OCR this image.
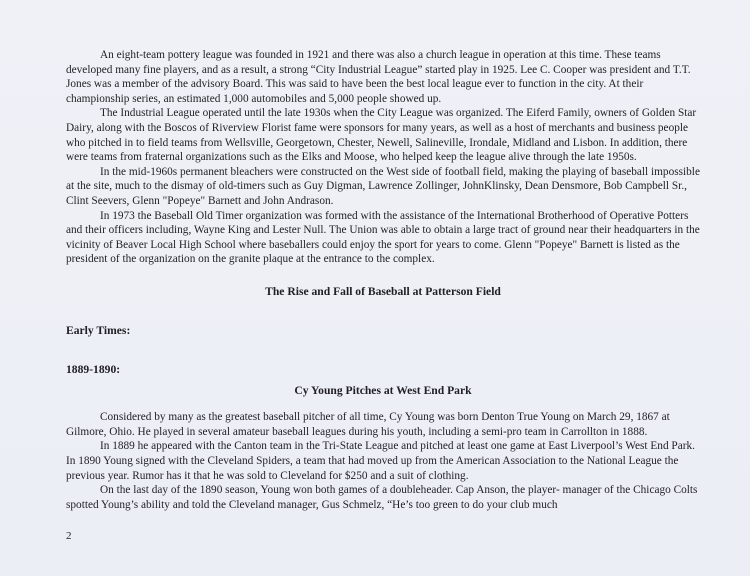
An eight-team pottery league was founded in 1921 and there was also a church league in operation at this time. These teams developed many fine players, and as a result, a strong “City Industrial League” started play in 1925. Lee C. Cooper was president and T.T. Jones was a member of the advisory Board. This was said to have been the best local league ever to function in the city. At their championship series, an estimated 1,000 automobiles and 5,000 people showed up.

The Industrial League operated until the late 1930s when the City League was organized. The Eiferd Family, owners of Golden Star Dairy, along with the Boscos of Riverview Florist fame were sponsors for many years, as well as a host of merchants and business people who pitched in to field teams from Wellsville, Georgetown, Chester, Newell, Salineville, Irondale, Midland and Lisbon. In addition, there were teams from fraternal organizations such as the Elks and Moose, who helped keep the league alive through the late 1950s.

In the mid-1960s permanent bleachers were constructed on the West side of football field, making the playing of baseball impossible at the site, much to the dismay of old-timers such as Guy Digman, Lawrence Zollinger, JohnKlinsky, Dean Densmore, Bob Campbell Sr., Clint Seevers, Glenn "Popeye" Barnett and John Andrason.

In 1973 the Baseball Old Timer organization was formed with the assistance of the International Brotherhood of Operative Potters and their officers including, Wayne King and Lester Null. The Union was able to obtain a large tract of ground near their headquarters in the vicinity of Beaver Local High School where baseballers could enjoy the sport for years to come. Glenn "Popeye" Barnett is listed as the president of the organization on the granite plaque at the entrance to the complex.

The Rise and Fall of Baseball at Patterson Field

Early Times:

1889-1890:

Cy Young Pitches at West End Park

Considered by many as the greatest baseball pitcher of all time, Cy Young was born Denton True Young on March 29, 1867 at Gilmore, Ohio. He played in several amateur baseball leagues during his youth, including a semi-pro team in Carrollton in 1888.

In 1889 he appeared with the Canton team in the Tri-State League and pitched at least one game at East Liverpool’s West End Park. In 1890 Young signed with the Cleveland Spiders, a team that had moved up from the American Association to the National League the previous year. Rumor has it that he was sold to Cleveland for $250 and a suit of clothing.

On the last day of the 1890 season, Young won both games of a doubleheader. Cap Anson, the player- manager of the Chicago Colts spotted Young’s ability and told the Cleveland manager, Gus Schmelz, “He’s too green to do your club much

2
